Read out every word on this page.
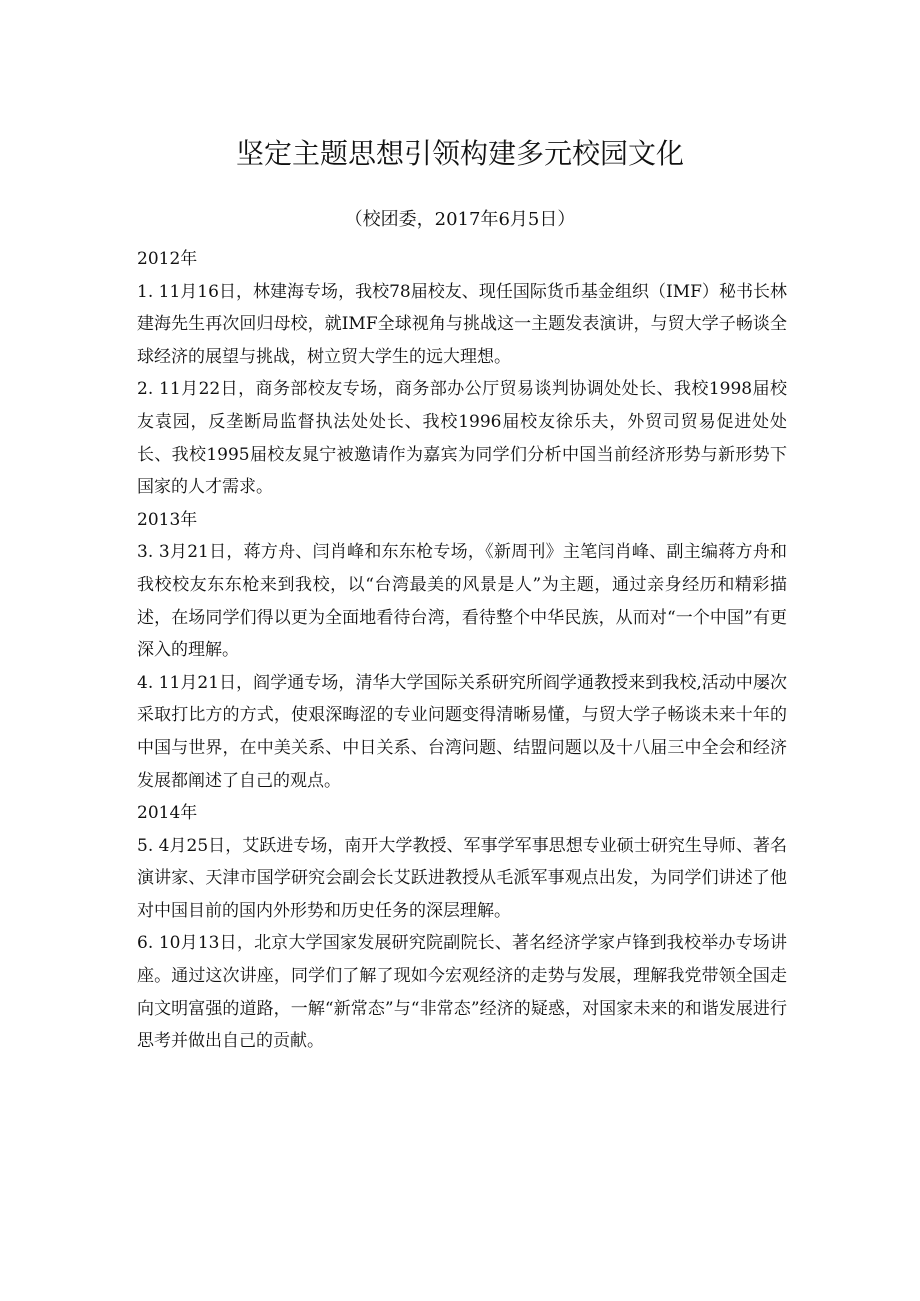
坚定主题思想引领构建多元校园文化

（校团委，2017年6月5日）

2012年

1. 11月16日，林建海专场，我校78届校友、现任国际货币基金组织（IMF）秘书长林建海先生再次回归母校，就IMF全球视角与挑战这一主题发表演讲，与贸大学子畅谈全球经济的展望与挑战，树立贸大学生的远大理想。

2. 11月22日，商务部校友专场，商务部办公厅贸易谈判协调处处长、我校1998届校友袁园，反垄断局监督执法处处长、我校1996届校友徐乐夫，外贸司贸易促进处处长、我校1995届校友晁宁被邀请作为嘉宾为同学们分析中国当前经济形势与新形势下国家的人才需求。

2013年

3. 3月21日，蒋方舟、闫肖峰和东东枪专场，《新周刊》主笔闫肖峰、副主编蒋方舟和我校校友东东枪来到我校，以“台湾最美的风景是人”为主题，通过亲身经历和精彩描述，在场同学们得以更为全面地看待台湾，看待整个中华民族，从而对“一个中国”有更深入的理解。

4. 11月21日，阎学通专场，清华大学国际关系研究所阎学通教授来到我校,活动中屡次采取打比方的方式，使艰深晦涩的专业问题变得清晰易懂，与贸大学子畅谈未来十年的中国与世界，在中美关系、中日关系、台湾问题、结盟问题以及十八届三中全会和经济发展都阐述了自己的观点。

2014年

5. 4月25日，艾跃进专场，南开大学教授、军事学军事思想专业硕士研究生导师、著名演讲家、天津市国学研究会副会长艾跃进教授从毛派军事观点出发，为同学们讲述了他对中国目前的国内外形势和历史任务的深层理解。

6. 10月13日，北京大学国家发展研究院副院长、著名经济学家卢锋到我校举办专场讲座。通过这次讲座，同学们了解了现如今宏观经济的走势与发展，理解我党带领全国走向文明富强的道路，一解“新常态”与“非常态”经济的疑惑，对国家未来的和谐发展进行思考并做出自己的贡献。
